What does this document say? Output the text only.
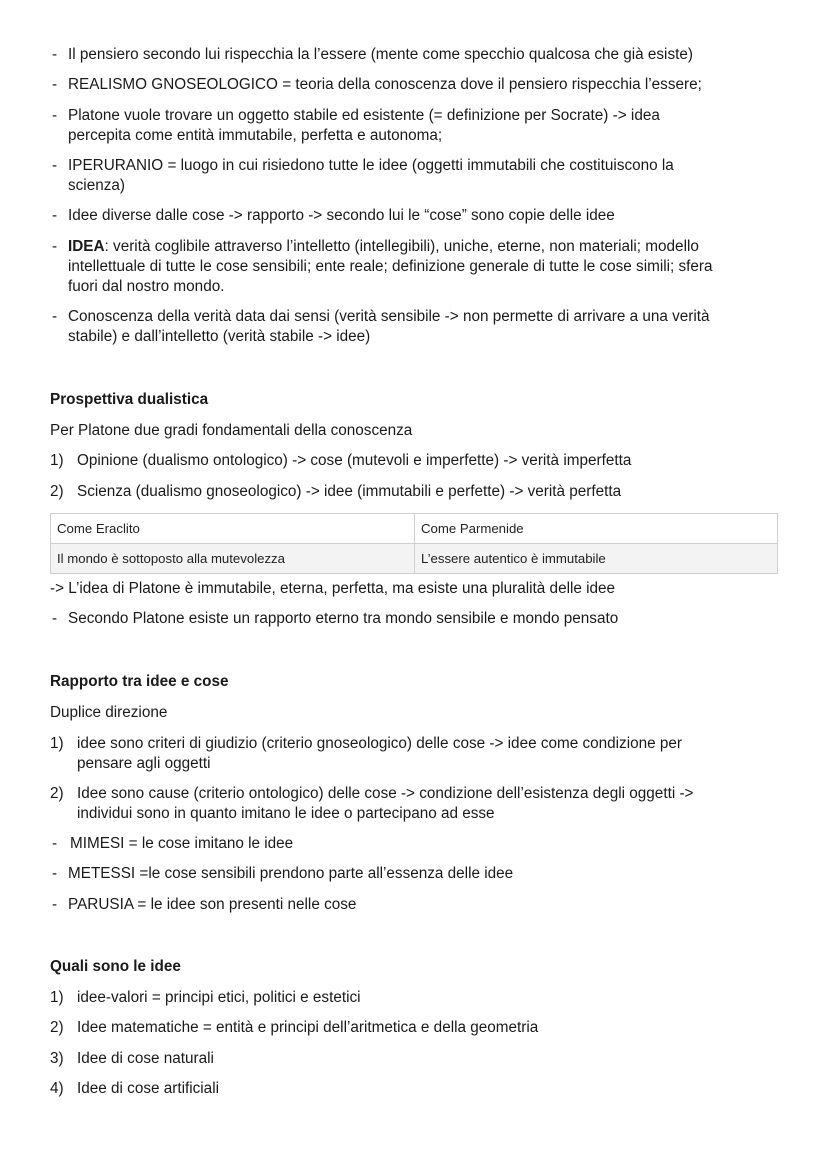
- Il pensiero secondo lui rispecchia la l’essere (mente come specchio qualcosa che già esiste)
- REALISMO GNOSEOLOGICO = teoria della conoscenza dove il pensiero rispecchia l’essere;
- Platone vuole trovare un oggetto stabile ed esistente (= definizione per Socrate) -> idea
percepita come entità immutabile, perfetta e autonoma;
- IPERURANIO = luogo in cui risiedono tutte le idee (oggetti immutabili che costituiscono la
scienza)
- Idee diverse dalle cose -> rapporto -> secondo lui le “cose” sono copie delle idee
- IDEA: verità coglibile attraverso l’intelletto (intellegibili), uniche, eterne, non materiali; modello
intellettuale di tutte le cose sensibili; ente reale; definizione generale di tutte le cose simili; sfera
fuori dal nostro mondo.
- Conoscenza della verità data dai sensi (verità sensibile -> non permette di arrivare a una verità
stabile) e dall’intelletto (verità stabile -> idee)
Prospettiva dualistica
Per Platone due gradi fondamentali della conoscenza
1) Opinione (dualismo ontologico) -> cose (mutevoli e imperfette) -> verità imperfetta
2) Scienza (dualismo gnoseologico) -> idee (immutabili e perfette) -> verità perfetta
Come Eraclito	Come Parmenide
Il mondo è sottoposto alla mutevolezza	L’essere autentico è immutabile
-> L’idea di Platone è immutabile, eterna, perfetta, ma esiste una pluralità delle idee
- Secondo Platone esiste un rapporto eterno tra mondo sensibile e mondo pensato
Rapporto tra idee e cose
Duplice direzione
1) idee sono criteri di giudizio (criterio gnoseologico) delle cose -> idee come condizione per
pensare agli oggetti
2) Idee sono cause (criterio ontologico) delle cose -> condizione dell’esistenza degli oggetti ->
individui sono in quanto imitano le idee o partecipano ad esse
- MIMESI = le cose imitano le idee
- METESSI =le cose sensibili prendono parte all’essenza delle idee
- PARUSIA = le idee son presenti nelle cose
Quali sono le idee
1) idee-valori = principi etici, politici e estetici
2) Idee matematiche = entità e principi dell’aritmetica e della geometria
3) Idee di cose naturali
4) Idee di cose artificiali
